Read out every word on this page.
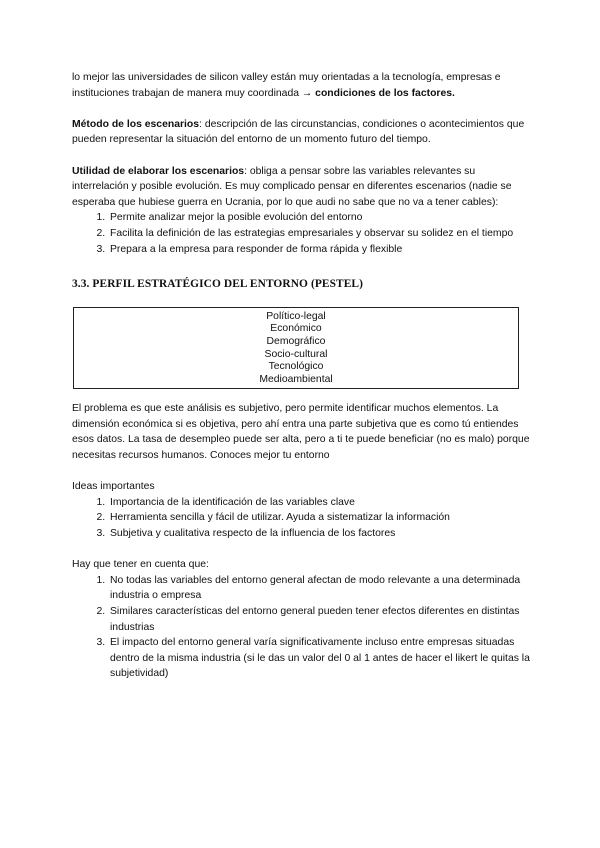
lo mejor las universidades de silicon valley están muy orientadas a la tecnología, empresas e instituciones trabajan de manera muy coordinada → condiciones de los factores.

Método de los escenarios: descripción de las circunstancias, condiciones o acontecimientos que pueden representar la situación del entorno de un momento futuro del tiempo.

Utilidad de elaborar los escenarios: obliga a pensar sobre las variables relevantes su interrelación y posible evolución. Es muy complicado pensar en diferentes escenarios (nadie se esperaba que hubiese guerra en Ucrania, por lo que audi no sabe que no va a tener cables):

1. Permite analizar mejor la posible evolución del entorno
2. Facilita la definición de las estrategias empresariales y observar su solidez en el tiempo
3. Prepara a la empresa para responder de forma rápida y flexible
3.3. PERFIL ESTRATÉGICO DEL ENTORNO (PESTEL)
Político-legal
Económico
Demográfico
Socio-cultural
Tecnológico
Medioambiental

El problema es que este análisis es subjetivo, pero permite identificar muchos elementos. La dimensión económica si es objetiva, pero ahí entra una parte subjetiva que es como tú entiendes esos datos. La tasa de desempleo puede ser alta, pero a ti te puede beneficiar (no es malo) porque necesitas recursos humanos. Conoces mejor tu entorno

Ideas importantes

1. Importancia de la identificación de las variables clave
2. Herramienta sencilla y fácil de utilizar. Ayuda a sistematizar la información
3. Subjetiva y cualitativa respecto de la influencia de los factores

Hay que tener en cuenta que:

1. No todas las variables del entorno general afectan de modo relevante a una determinada industria o empresa
2. Similares características del entorno general pueden tener efectos diferentes en distintas industrias
3. El impacto del entorno general varía significativamente incluso entre empresas situadas dentro de la misma industria (si le das un valor del 0 al 1 antes de hacer el likert le quitas la subjetividad)
